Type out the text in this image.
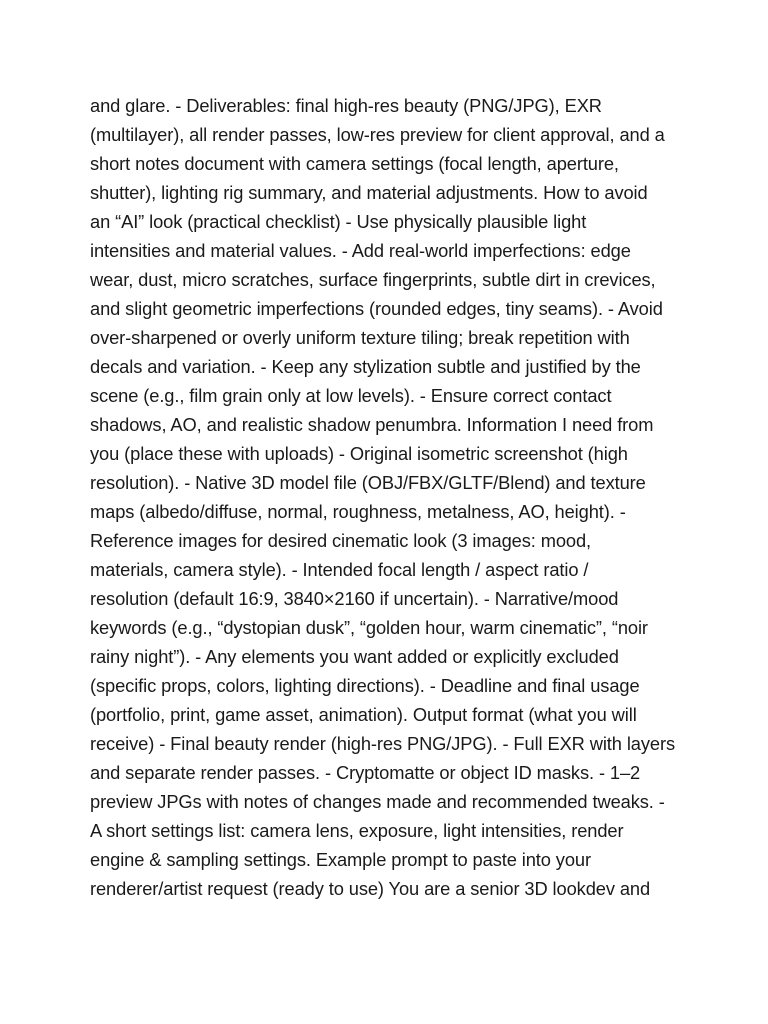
and glare. - Deliverables: final high-res beauty (PNG/JPG), EXR
(multilayer), all render passes, low-res preview for client approval, and a
short notes document with camera settings (focal length, aperture,
shutter), lighting rig summary, and material adjustments. How to avoid
an “AI” look (practical checklist) - Use physically plausible light
intensities and material values. - Add real-world imperfections: edge
wear, dust, micro scratches, surface fingerprints, subtle dirt in crevices,
and slight geometric imperfections (rounded edges, tiny seams). - Avoid
over-sharpened or overly uniform texture tiling; break repetition with
decals and variation. - Keep any stylization subtle and justified by the
scene (e.g., film grain only at low levels). - Ensure correct contact
shadows, AO, and realistic shadow penumbra. Information I need from
you (place these with uploads) - Original isometric screenshot (high
resolution). - Native 3D model file (OBJ/FBX/GLTF/Blend) and texture
maps (albedo/diffuse, normal, roughness, metalness, AO, height). -
Reference images for desired cinematic look (3 images: mood,
materials, camera style). - Intended focal length / aspect ratio /
resolution (default 16:9, 3840×2160 if uncertain). - Narrative/mood
keywords (e.g., “dystopian dusk”, “golden hour, warm cinematic”, “noir
rainy night”). - Any elements you want added or explicitly excluded
(specific props, colors, lighting directions). - Deadline and final usage
(portfolio, print, game asset, animation). Output format (what you will
receive) - Final beauty render (high-res PNG/JPG). - Full EXR with layers
and separate render passes. - Cryptomatte or object ID masks. - 1–2
preview JPGs with notes of changes made and recommended tweaks. -
A short settings list: camera lens, exposure, light intensities, render
engine & sampling settings. Example prompt to paste into your
renderer/artist request (ready to use) You are a senior 3D lookdev and
